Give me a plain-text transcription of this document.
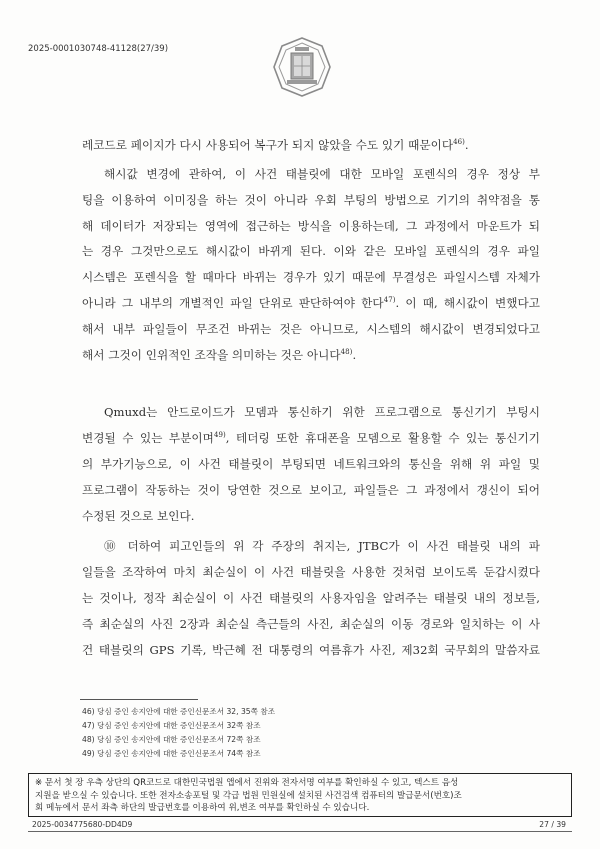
2025-0001030748-41128(27/39)
레코드로 페이지가 다시 사용되어 복구가 되지 않았을 수도 있기 때문이다$^{46)}$.
해시값 변경에 관하여, 이 사건 태블릿에 대한 모바일 포렌식의 경우 정상 부
팅을 이용하여 이미징을 하는 것이 아니라 우회 부팅의 방법으로 기기의 취약점을 통
해 데이터가 저장되는 영역에 접근하는 방식을 이용하는데, 그 과정에서 마운트가 되
는 경우 그것만으로도 해시값이 바뀌게 된다. 이와 같은 모바일 포렌식의 경우 파일
시스템은 포렌식을 할 때마다 바뀌는 경우가 있기 때문에 무결성은 파일시스템 자체가
아니라 그 내부의 개별적인 파일 단위로 판단하여야 한다$^{47)}$. 이 때, 해시값이 변했다고
해서 내부 파일들이 무조건 바뀌는 것은 아니므로, 시스템의 해시값이 변경되었다고
해서 그것이 인위적인 조작을 의미하는 것은 아니다$^{48)}$.
Qmuxd는 안드로이드가 모뎀과 통신하기 위한 프로그램으로 통신기기 부팅시
변경될 수 있는 부분이며$^{49)}$, 테더링 또한 휴대폰을 모뎀으로 활용할 수 있는 통신기기
의 부가기능으로, 이 사건 태블릿이 부팅되면 네트워크와의 통신을 위해 위 파일 및
프로그램이 작동하는 것이 당연한 것으로 보이고, 파일들은 그 과정에서 갱신이 되어
수정된 것으로 보인다.
⑩ 더하여 피고인들의 위 각 주장의 취지는, JTBC가 이 사건 태블릿 내의 파
일들을 조작하여 마치 최순실이 이 사건 태블릿을 사용한 것처럼 보이도록 둔갑시켰다
는 것이나, 정작 최순실이 이 사건 태블릿의 사용자임을 알려주는 태블릿 내의 정보들,
즉 최순실의 사진 2장과 최순실 측근들의 사진, 최순실의 이동 경로와 일치하는 이 사
건 태블릿의 GPS 기록, 박근혜 전 대통령의 여름휴가 사진, 제32회 국무회의 말씀자료
46) 당심 증인 송지안에 대한 증인신문조서 32, 35쪽 참조
47) 당심 증인 송지안에 대한 증인신문조서 32쪽 참조
48) 당심 증인 송지안에 대한 증인신문조서 72쪽 참조
49) 당심 증인 송지안에 대한 증인신문조서 74쪽 참조
※ 문서 첫 장 우측 상단의 QR코드로 대한민국법원 앱에서 진위와 전자서명 여부를 확인하실 수 있고, 텍스트 음성
지원을 받으실 수 있습니다. 또한 전자소송포털 및 각급 법원 민원실에 설치된 사건검색 컴퓨터의 발급문서(번호)조
회 메뉴에서 문서 좌측 하단의 발급번호를 이용하여 위,변조 여부를 확인하실 수 있습니다.
2025-0034775680-DD4D9	27 / 39
